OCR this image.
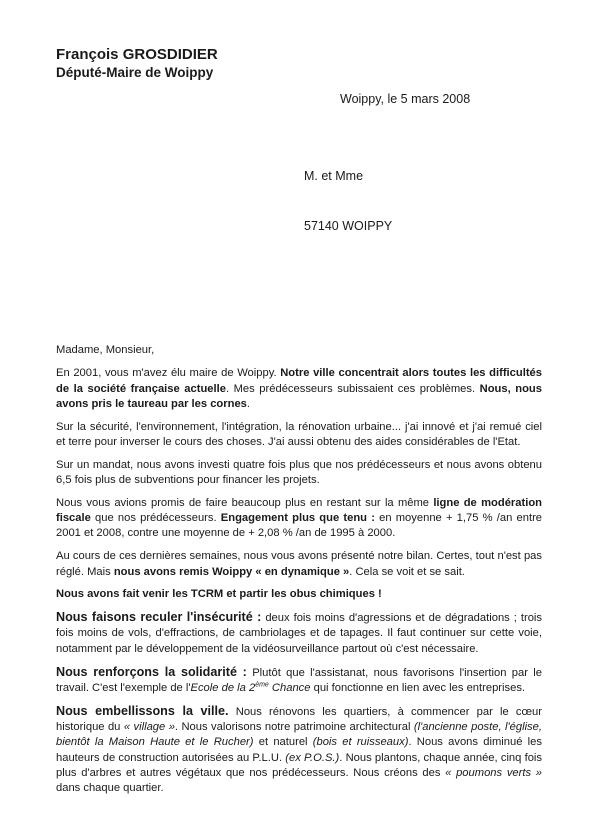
François GROSDIDIER
Député-Maire de Woippy
Woippy, le 5 mars 2008
M. et Mme
57140 WOIPPY

Madame, Monsieur,

En 2001, vous m'avez élu maire de Woippy. Notre ville concentrait alors toutes les difficultés de la société française actuelle. Mes prédécesseurs subissaient ces problèmes. Nous, nous avons pris le taureau par les cornes.

Sur la sécurité, l'environnement, l'intégration, la rénovation urbaine... j'ai innové et j'ai remué ciel et terre pour inverser le cours des choses. J'ai aussi obtenu des aides considérables de l'Etat.

Sur un mandat, nous avons investi quatre fois plus que nos prédécesseurs et nous avons obtenu 6,5 fois plus de subventions pour financer les projets.

Nous vous avions promis de faire beaucoup plus en restant sur la même ligne de modération fiscale que nos prédécesseurs. Engagement plus que tenu : en moyenne + 1,75 % /an entre 2001 et 2008, contre une moyenne de + 2,08 % /an de 1995 à 2000.

Au cours de ces dernières semaines, nous vous avons présenté notre bilan. Certes, tout n'est pas réglé. Mais nous avons remis Woippy « en dynamique ». Cela se voit et se sait.

Nous avons fait venir les TCRM et partir les obus chimiques !

Nous faisons reculer l'insécurité : deux fois moins d'agressions et de dégradations ; trois fois moins de vols, d'effractions, de cambriolages et de tapages. Il faut continuer sur cette voie, notamment par le développement de la vidéosurveillance partout où c'est nécessaire.

Nous renforçons la solidarité : Plutôt que l'assistanat, nous favorisons l'insertion par le travail. C'est l'exemple de l'Ecole de la 2ème Chance qui fonctionne en lien avec les entreprises.

Nous embellissons la ville. Nous rénovons les quartiers, à commencer par le cœur historique du « village ». Nous valorisons notre patrimoine architectural (l'ancienne poste, l'église, bientôt la Maison Haute et le Rucher) et naturel (bois et ruisseaux). Nous avons diminué les hauteurs de construction autorisées au P.L.U. (ex P.O.S.). Nous plantons, chaque année, cinq fois plus d'arbres et autres végétaux que nos prédécesseurs. Nous créons des « poumons verts » dans chaque quartier.
